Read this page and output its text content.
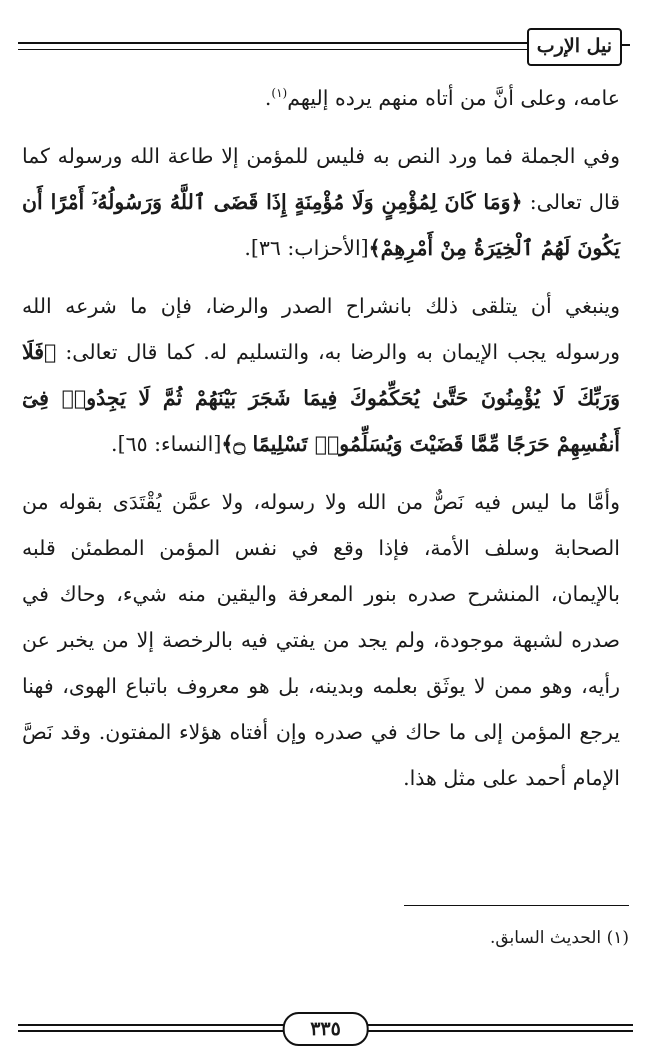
نيل الإرب

عامه، وعلى أنَّ من أتاه منهم يرده إليهم$^{(١)}$.

وفي الجملة فما ورد النص به فليس للمؤمن إلا طاعة الله ورسوله كما قال تعالى: ﴿وَمَا كَانَ لِمُؤْمِنٍ وَلَا مُؤْمِنَةٍ إِذَا قَضَى ٱللَّهُ وَرَسُولُهُۥٓ أَمْرًا أَن يَكُونَ لَهُمُ ٱلْخِيَرَةُ مِنْ أَمْرِهِمْ﴾[الأحزاب: ٣٦].

وينبغي أن يتلقى ذلك بانشراح الصدر والرضا، فإن ما شرعه الله ورسوله يجب الإيمان به والرضا به، والتسليم له. كما قال تعالى: ﴿فَلَا وَرَبِّكَ لَا يُؤْمِنُونَ حَتَّىٰ يُحَكِّمُوكَ فِيمَا شَجَرَ بَيْنَهُمْ ثُمَّ لَا يَجِدُوا۟ فِىٓ أَنفُسِهِمْ حَرَجًا مِّمَّا قَضَيْتَ وَيُسَلِّمُوا۟ تَسْلِيمًا ۝﴾[النساء: ٦٥].

وأمَّا ما ليس فيه نَصٌّ من الله ولا رسوله، ولا عمَّن يُقْتَدَى بقوله من الصحابة وسلف الأمة، فإذا وقع في نفس المؤمن المطمئن قلبه بالإيمان، المنشرح صدره بنور المعرفة واليقين منه شيء، وحاك في صدره لشبهة موجودة، ولم يجد من يفتي فيه بالرخصة إلا من يخبر عن رأيه، وهو ممن لا يوثَق بعلمه وبدينه، بل هو معروف باتباع الهوى، فهنا يرجع المؤمن إلى ما حاك في صدره وإن أفتاه هؤلاء المفتون. وقد نَصَّ الإمام أحمد على مثل هذا.

(١) الحديث السابق.
٣٣٥
